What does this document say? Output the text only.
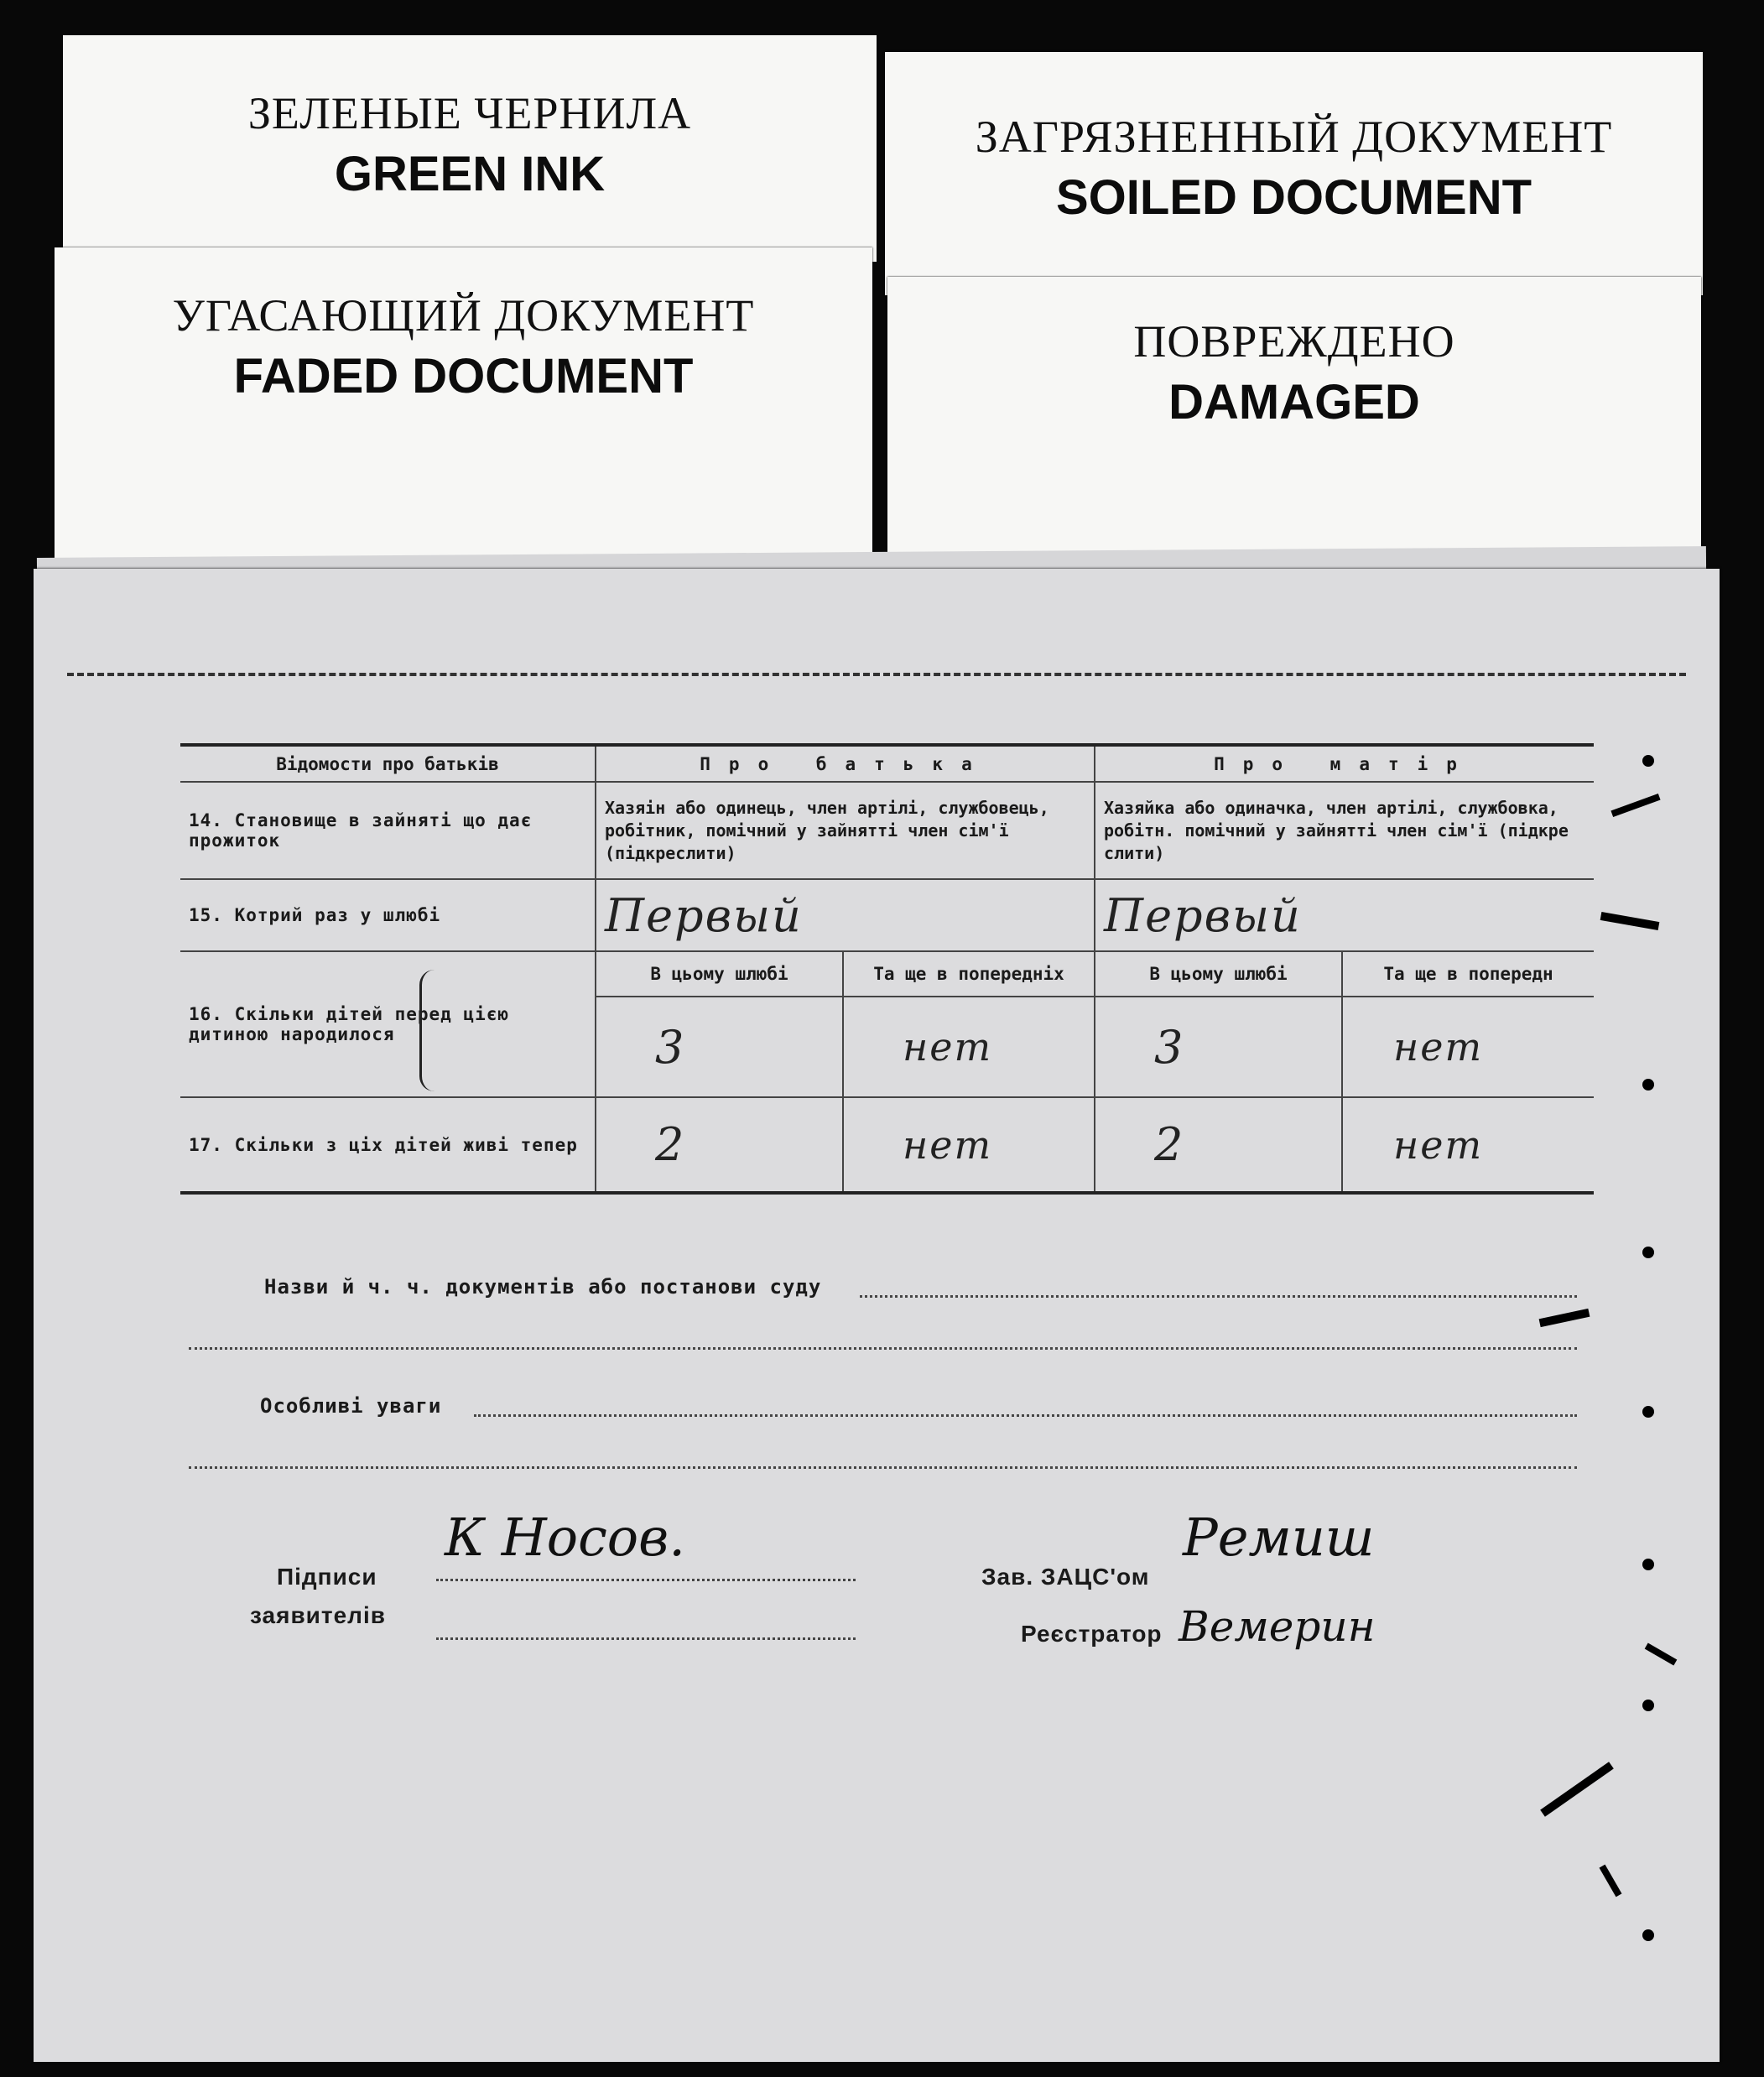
ЗЕЛЕНЫЕ ЧЕРНИЛА
GREEN INK
ЗАГРЯЗНЕННЫЙ ДОКУМЕНТ
SOILED DOCUMENT
УГАСАЮЩИЙ ДОКУМЕНТ
FADED DOCUMENT
ПОВРЕЖДЕНО
DAMAGED
Відомости про батьків	Про батька		Про матір	
14. Становище в зайняті що дає прожиток	Хазяін або одинець, член артілі, службовець, робітник, помічний у зайнятті член сім'ї (підкреслити)		Хазяйка або одиначка, член артілі, службовка, робітн. помічний у зайнятті член сім'ї (підкре слити)	
15. Котрий раз у шлюбі	Первый		Первый	
16. Скільки дітей перед цією дитиною народилося	В цьому шлюбі	Та ще в попередніх	В цьому шлюбі	Та ще в попередн
	3	нет	3	нет
17. Скільки з ціх дітей живі тепер	2	нет	2	нет
Назви й ч. ч. документів або постанови суду
Особливі уваги
Підписи
заявителів
К Носов.
Зав. ЗАЦС'ом
Ремиш
Реєстратор Вемерин
